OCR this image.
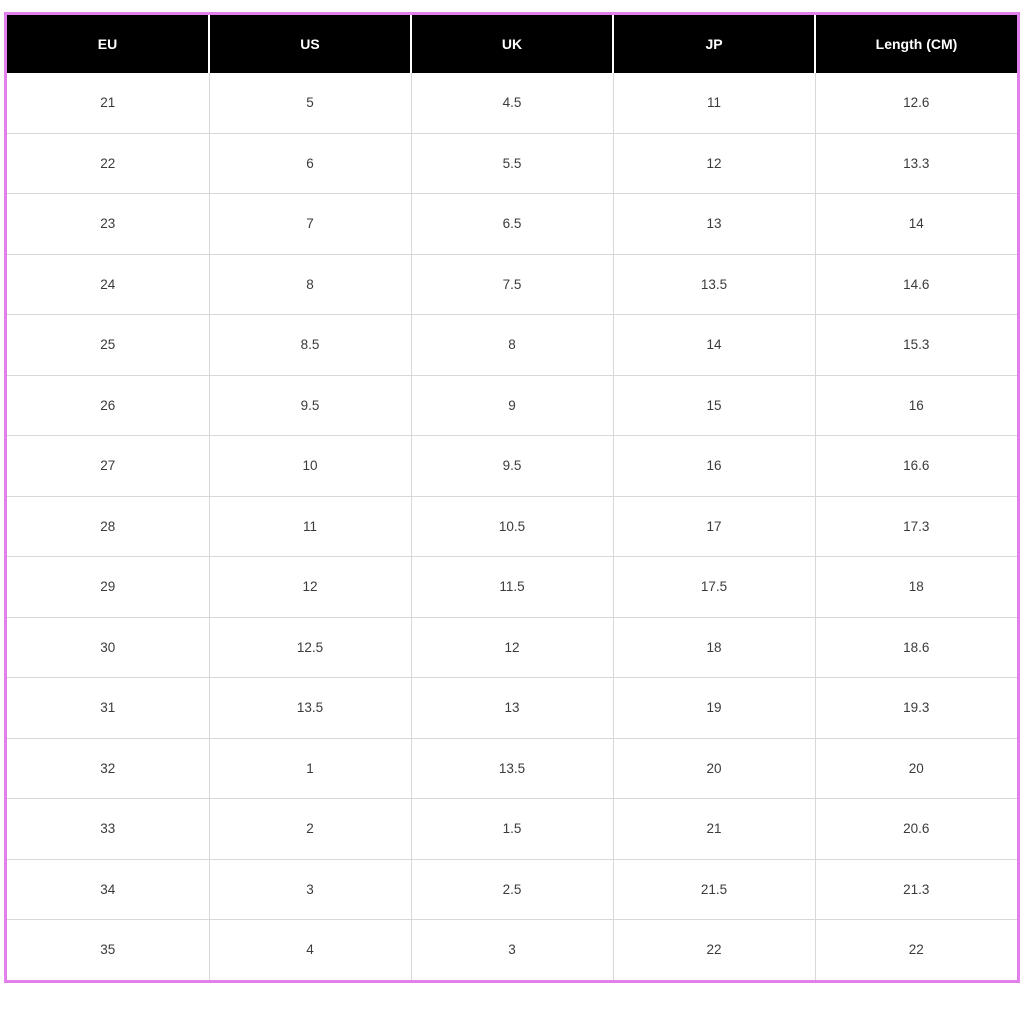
EU	US	UK	JP	Length (CM)
21	5	4.5	11	12.6
22	6	5.5	12	13.3
23	7	6.5	13	14
24	8	7.5	13.5	14.6
25	8.5	8	14	15.3
26	9.5	9	15	16
27	10	9.5	16	16.6
28	11	10.5	17	17.3
29	12	11.5	17.5	18
30	12.5	12	18	18.6
31	13.5	13	19	19.3
32	1	13.5	20	20
33	2	1.5	21	20.6
34	3	2.5	21.5	21.3
35	4	3	22	22
